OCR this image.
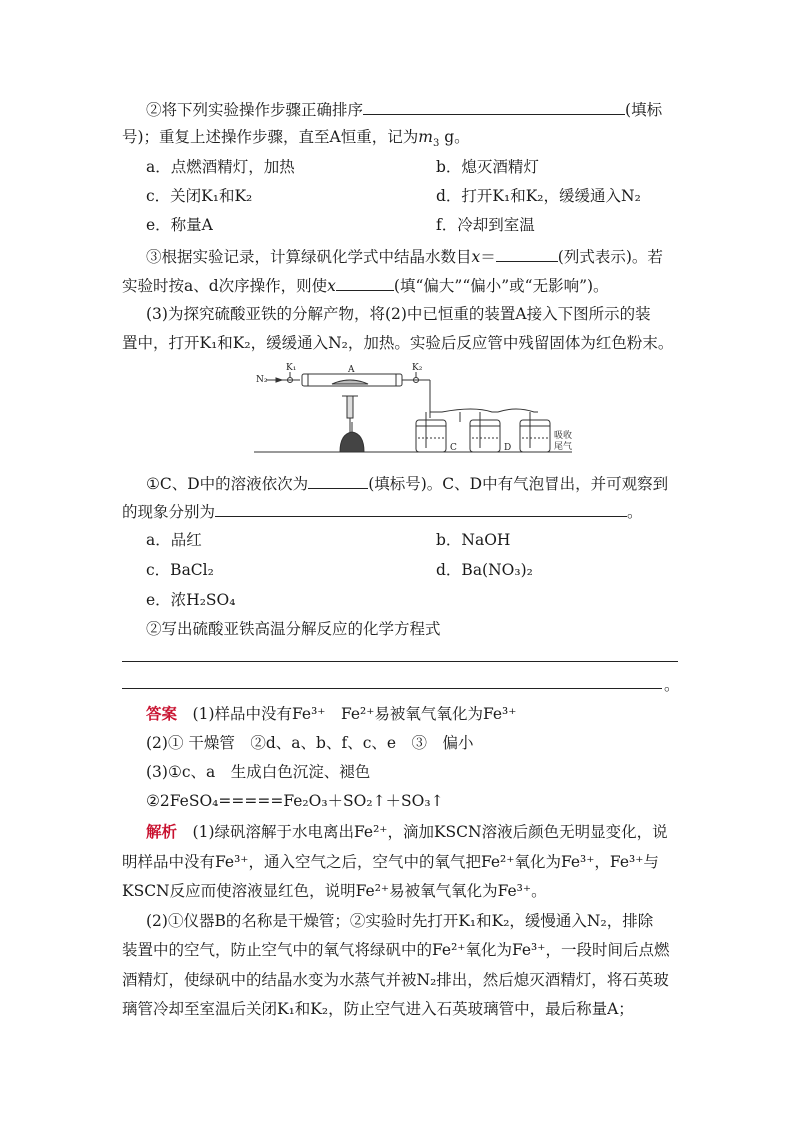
②将下列实验操作步骤正确排序	(填标
号)；重复上述操作步骤，直至A恒重，记为$m_3$ g。
a．点燃酒精灯，加热	b．熄灭酒精灯
c．关闭K₁和K₂	d．打开K₁和K₂，缓缓通入N₂
e．称量A	f．冷却到室温
③根据实验记录，计算绿矾化学式中结晶水数目x＝	(列式表示)。若
实验时按a、d次序操作，则使x	(填“偏大”“偏小”或“无影响”)。
(3)为探究硫酸亚铁的分解产物，将(2)中已恒重的装置A接入下图所示的装
置中，打开K₁和K₂，缓缓通入N₂，加热。实验后反应管中残留固体为红色粉末。
N₂
K₁	A	K₂
C	D
吸收
尾气
①C、D中的溶液依次为	(填标号)。C、D中有气泡冒出，并可观察到
的现象分别为	。
a．品红	b．NaOH
c．BaCl₂	d．Ba(NO₃)₂
e．浓H₂SO₄
②写出硫酸亚铁高温分解反应的化学方程式
。
答案　 (1)样品中没有Fe³⁺　Fe²⁺易被氧气氧化为Fe³⁺
(2)① 干燥管　②d、a、b、f、c、e　③　偏小
(3)①c、a　生成白色沉淀、褪色
②2FeSO₄=====Fe₂O₃＋SO₂↑＋SO₃↑
解析　 (1)绿矾溶解于水电离出Fe²⁺，滴加KSCN溶液后颜色无明显变化，说
明样品中没有Fe³⁺，通入空气之后，空气中的氧气把Fe²⁺氧化为Fe³⁺，Fe³⁺与
KSCN反应而使溶液显红色，说明Fe²⁺易被氧气氧化为Fe³⁺。
(2)①仪器B的名称是干燥管；②实验时先打开K₁和K₂，缓慢通入N₂，排除
装置中的空气，防止空气中的氧气将绿矾中的Fe²⁺氧化为Fe³⁺，一段时间后点燃
酒精灯，使绿矾中的结晶水变为水蒸气并被N₂排出，然后熄灭酒精灯，将石英玻
璃管冷却至室温后关闭K₁和K₂，防止空气进入石英玻璃管中，最后称量A；
